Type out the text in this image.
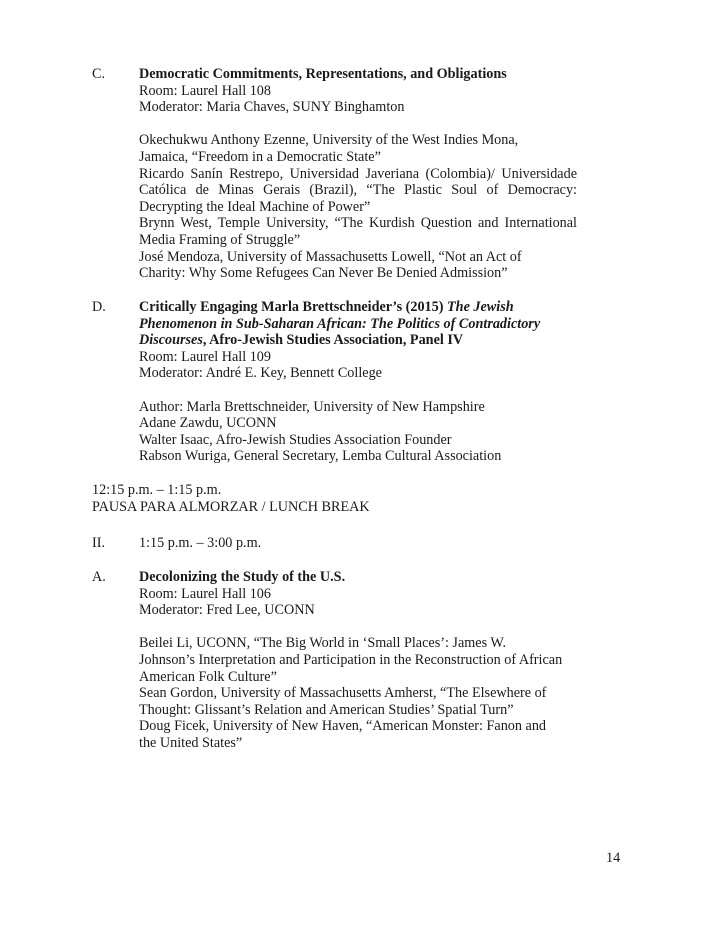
C. Democratic Commitments, Representations, and Obligations
Room: Laurel Hall 108
Moderator: Maria Chaves, SUNY Binghamton
Okechukwu Anthony Ezenne, University of the West Indies Mona,
Jamaica, “Freedom in a Democratic State”
Ricardo Sanín Restrepo, Universidad Javeriana (Colombia)/ Universidade
Católica de Minas Gerais (Brazil), “The Plastic Soul of Democracy:
Decrypting the Ideal Machine of Power”
Brynn West, Temple University, “The Kurdish Question and International
Media Framing of Struggle”
José Mendoza, University of Massachusetts Lowell, “Not an Act of
Charity: Why Some Refugees Can Never Be Denied Admission”
D. Critically Engaging Marla Brettschneider’s (2015) The Jewish
Phenomenon in Sub-Saharan African: The Politics of Contradictory
Discourses, Afro-Jewish Studies Association, Panel IV
Room: Laurel Hall 109
Moderator: André E. Key, Bennett College
Author: Marla Brettschneider, University of New Hampshire
Adane Zawdu, UCONN
Walter Isaac, Afro-Jewish Studies Association Founder
Rabson Wuriga, General Secretary, Lemba Cultural Association
12:15 p.m. – 1:15 p.m.
PAUSA PARA ALMORZAR / LUNCH BREAK
II. 1:15 p.m. – 3:00 p.m.
A. Decolonizing the Study of the U.S.
Room: Laurel Hall 106
Moderator: Fred Lee, UCONN
Beilei Li, UCONN, “The Big World in ‘Small Places’: James W.
Johnson’s Interpretation and Participation in the Reconstruction of African
American Folk Culture”
Sean Gordon, University of Massachusetts Amherst, “The Elsewhere of
Thought: Glissant’s Relation and American Studies’ Spatial Turn”
Doug Ficek, University of New Haven, “American Monster: Fanon and
the United States”
14
